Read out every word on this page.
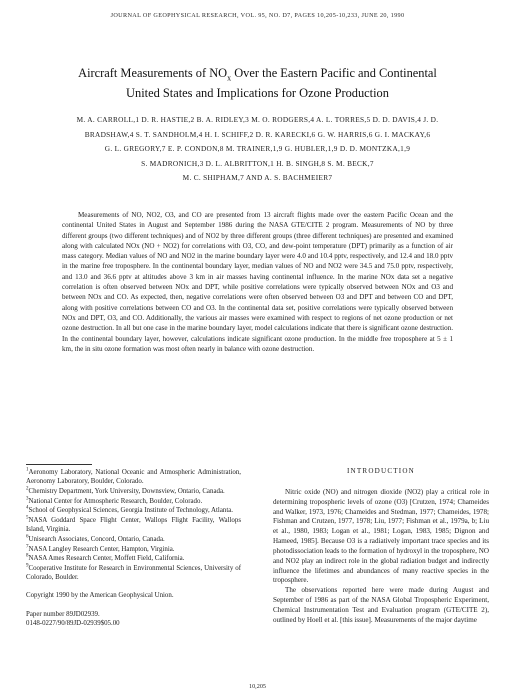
JOURNAL OF GEOPHYSICAL RESEARCH, VOL. 95, NO. D7, PAGES 10,205-10,233, JUNE 20, 1990
Aircraft Measurements of $NO_x$ Over the Eastern Pacific and Continental
United States and Implications for Ozone Production
M. A. CARROLL,1 D. R. HASTIE,2 B. A. RIDLEY,3 M. O. RODGERS,4 A. L. TORRES,5 D. D. DAVIS,4 J. D.
BRADSHAW,4 S. T. SANDHOLM,4 H. I. SCHIFF,2 D. R. KARECKI,6 G. W. HARRIS,6 G. I. MACKAY,6
G. L. GREGORY,7 E. P. CONDON,8 M. TRAINER,1,9 G. HUBLER,1,9 D. D. MONTZKA,1,9
S. MADRONICH,3 D. L. ALBRITTON,1 H. B. SINGH,8 S. M. BECK,7
M. C. SHIPHAM,7 AND A. S. BACHMEIER7

Measurements of NO, NO2, O3, and CO are presented from 13 aircraft flights made over the eastern Pacific Ocean and the continental United States in August and September 1986 during the NASA GTE/CITE 2 program. Measurements of NO by three different groups (two different techniques) and of NO2 by three different groups (three different techniques) are presented and examined along with calculated NOx (NO + NO2) for correlations with O3, CO, and dew-point temperature (DPT) primarily as a function of air mass category. Median values of NO and NO2 in the marine boundary layer were 4.0 and 10.4 pptv, respectively, and 12.4 and 18.0 pptv in the marine free troposphere. In the continental boundary layer, median values of NO and NO2 were 34.5 and 75.0 pptv, respectively, and 13.0 and 36.6 pptv at altitudes above 3 km in air masses having continental influence. In the marine NOx data set a negative correlation is often observed between NOx and DPT, while positive correlations were typically observed between NOx and O3 and between NOx and CO. As expected, then, negative correlations were often observed between O3 and DPT and between CO and DPT, along with positive correlations between CO and O3. In the continental data set, positive correlations were typically observed between NOx and DPT, O3, and CO. Additionally, the various air masses were examined with respect to regions of net ozone production or net ozone destruction. In all but one case in the marine boundary layer, model calculations indicate that there is significant ozone destruction. In the continental boundary layer, however, calculations indicate significant ozone production. In the middle free troposphere at 5 ± 1 km, the in situ ozone formation was most often nearly in balance with ozone destruction.

$^1$Aeronomy Laboratory, National Oceanic and Atmospheric Administration, Aeronomy Laboratory, Boulder, Colorado.
$^2$Chemistry Department, York University, Downsview, Ontario, Canada.
$^3$National Center for Atmospheric Research, Boulder, Colorado.
$^4$School of Geophysical Sciences, Georgia Institute of Technology, Atlanta.
$^5$NASA Goddard Space Flight Center, Wallops Flight Facility, Wallops Island, Virginia.
$^6$Unisearch Associates, Concord, Ontario, Canada.
$^7$NASA Langley Research Center, Hampton, Virginia.
$^8$NASA Ames Research Center, Moffett Field, California.
$^9$Cooperative Institute for Research in Environmental Sciences, University of Colorado, Boulder.
Copyright 1990 by the American Geophysical Union.
Paper number 89JD02939.
0148-0227/90/89JD-02939$05.00
INTRODUCTION

Nitric oxide (NO) and nitrogen dioxide (NO2) play a critical role in determining tropospheric levels of ozone (O3) [Crutzen, 1974; Chameides and Walker, 1973, 1976; Chameides and Stedman, 1977; Chameides, 1978; Fishman and Crutzen, 1977, 1978; Liu, 1977; Fishman et al., 1979a, b; Liu et al., 1980, 1983; Logan et al., 1981; Logan, 1983, 1985; Dignon and Hameed, 1985]. Because O3 is a radiatively important trace species and its photodissociation leads to the formation of hydroxyl in the troposphere, NO and NO2 play an indirect role in the global radiation budget and indirectly influence the lifetimes and abundances of many reactive species in the troposphere.

The observations reported here were made during August and September of 1986 as part of the NASA Global Tropospheric Experiment, Chemical Instrumentation Test and Evaluation program (GTE/CITE 2), outlined by Hoell et al. [this issue]. Measurements of the major daytime

10,205
